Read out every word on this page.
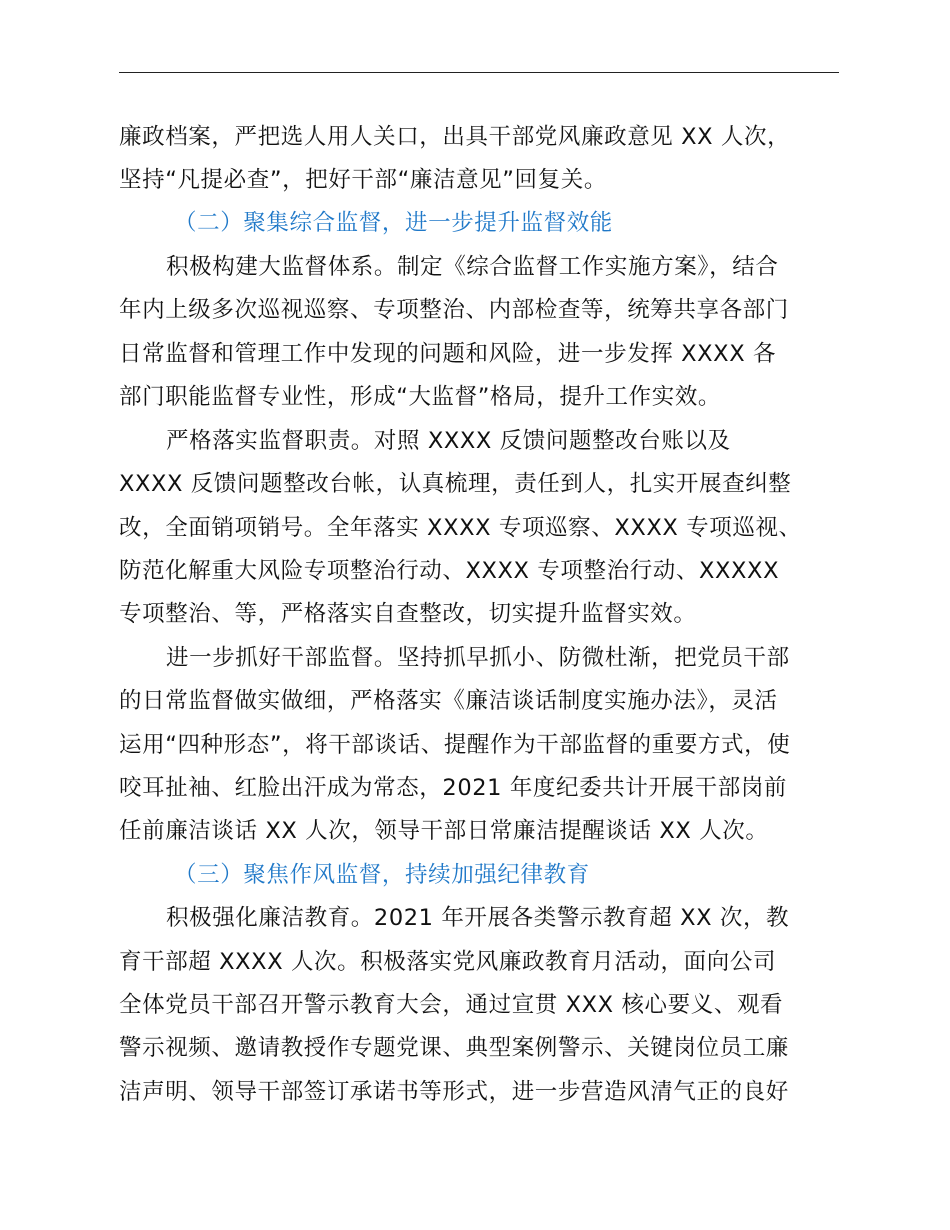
廉政档案，严把选人用人关口，出具干部党风廉政意见 XX 人次，
坚持“凡提必查”，把好干部“廉洁意见”回复关。
（二）聚集综合监督，进一步提升监督效能
积极构建大监督体系。制定《综合监督工作实施方案》，结合
年内上级多次巡视巡察、专项整治、内部检查等，统筹共享各部门
日常监督和管理工作中发现的问题和风险，进一步发挥 XXXX 各
部门职能监督专业性，形成“大监督”格局，提升工作实效。
严格落实监督职责。对照 XXXX 反馈问题整改台账以及
XXXX 反馈问题整改台帐，认真梳理，责任到人，扎实开展查纠整
改，全面销项销号。全年落实 XXXX 专项巡察、XXXX 专项巡视、
防范化解重大风险专项整治行动、XXXX 专项整治行动、XXXXX
专项整治、等，严格落实自查整改，切实提升监督实效。
进一步抓好干部监督。坚持抓早抓小、防微杜渐，把党员干部
的日常监督做实做细，严格落实《廉洁谈话制度实施办法》，灵活
运用“四种形态”，将干部谈话、提醒作为干部监督的重要方式，使
咬耳扯袖、红脸出汗成为常态，2021 年度纪委共计开展干部岗前
任前廉洁谈话 XX 人次，领导干部日常廉洁提醒谈话 XX 人次。
（三）聚焦作风监督，持续加强纪律教育
积极强化廉洁教育。2021 年开展各类警示教育超 XX 次，教
育干部超 XXXX 人次。积极落实党风廉政教育月活动，面向公司
全体党员干部召开警示教育大会，通过宣贯 XXX 核心要义、观看
警示视频、邀请教授作专题党课、典型案例警示、关键岗位员工廉
洁声明、领导干部签订承诺书等形式，进一步营造风清气正的良好
